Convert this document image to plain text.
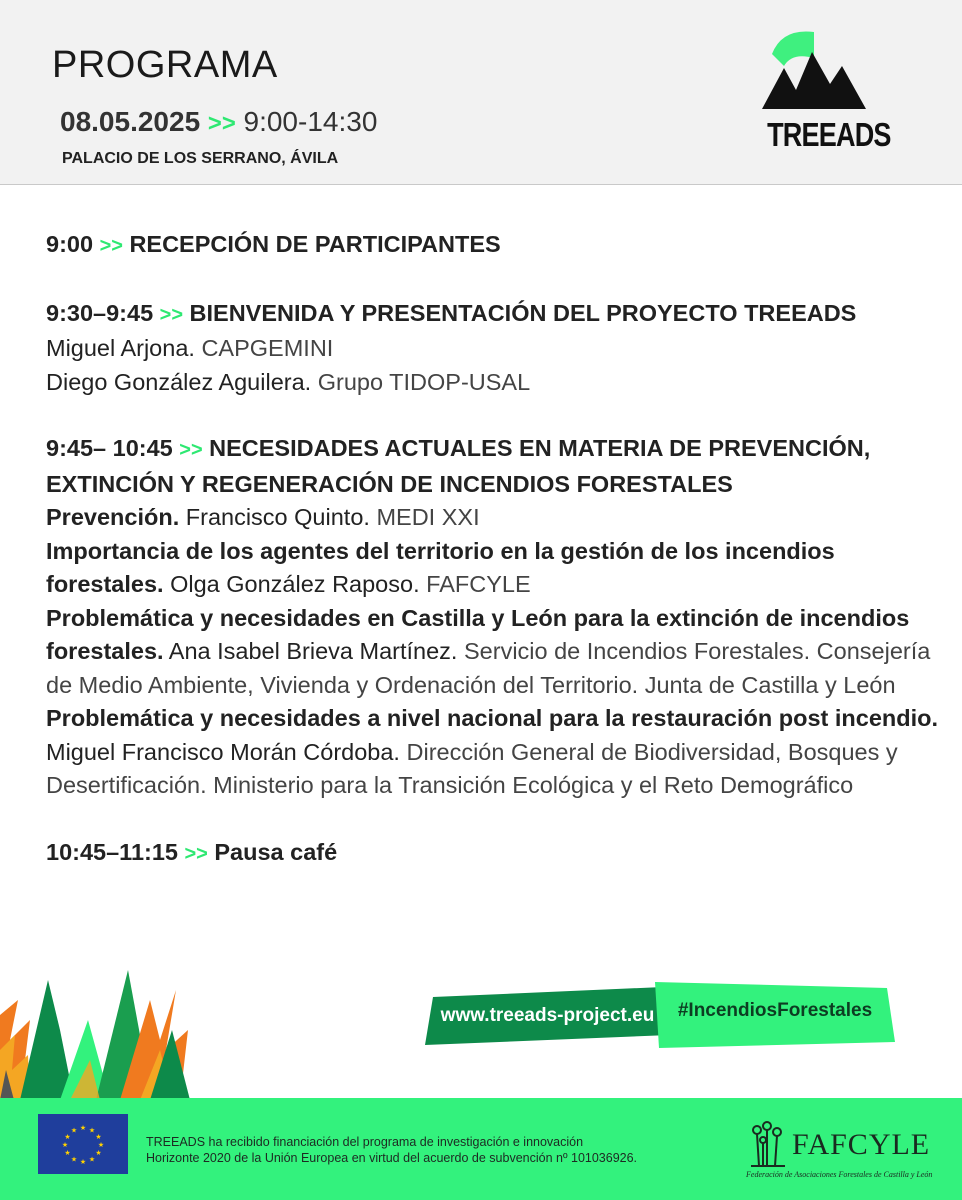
PROGRAMA
08.05.2025 >> 9:00-14:30
PALACIO DE LOS SERRANO, ÁVILA
TREEADS
9:00 >> RECEPCIÓN DE PARTICIPANTES
9:30–9:45 >> BIENVENIDA Y PRESENTACIÓN DEL PROYECTO TREEADS
Miguel Arjona. CAPGEMINI
Diego González Aguilera. Grupo TIDOP-USAL
9:45– 10:45 >> NECESIDADES ACTUALES EN MATERIA DE PREVENCIÓN, EXTINCIÓN Y REGENERACIÓN DE INCENDIOS FORESTALES
Prevención. Francisco Quinto. MEDI XXI
Importancia de los agentes del territorio en la gestión de los incendios forestales. Olga González Raposo. FAFCYLE
Problemática y necesidades en Castilla y León para la extinción de incendios forestales. Ana Isabel Brieva Martínez. Servicio de Incendios Forestales. Consejería de Medio Ambiente, Vivienda y Ordenación del Territorio. Junta de Castilla y León
Problemática y necesidades a nivel nacional para la restauración post incendio. Miguel Francisco Morán Córdoba. Dirección General de Biodiversidad, Bosques y Desertificación. Ministerio para la Transición Ecológica y el Reto Demográfico
10:45–11:15 >> Pausa café
www.treeads-project.eu #IncendiosForestales
★ ★
★
★
★
★
★
★
★
★
★
★
TREEADS ha recibido financiación del programa de investigación e innovación
Horizonte 2020 de la Unión Europea en virtud del acuerdo de subvención nº 101036926.	FAFCYLE
Federación de Asociaciones Forestales de Castilla y León
